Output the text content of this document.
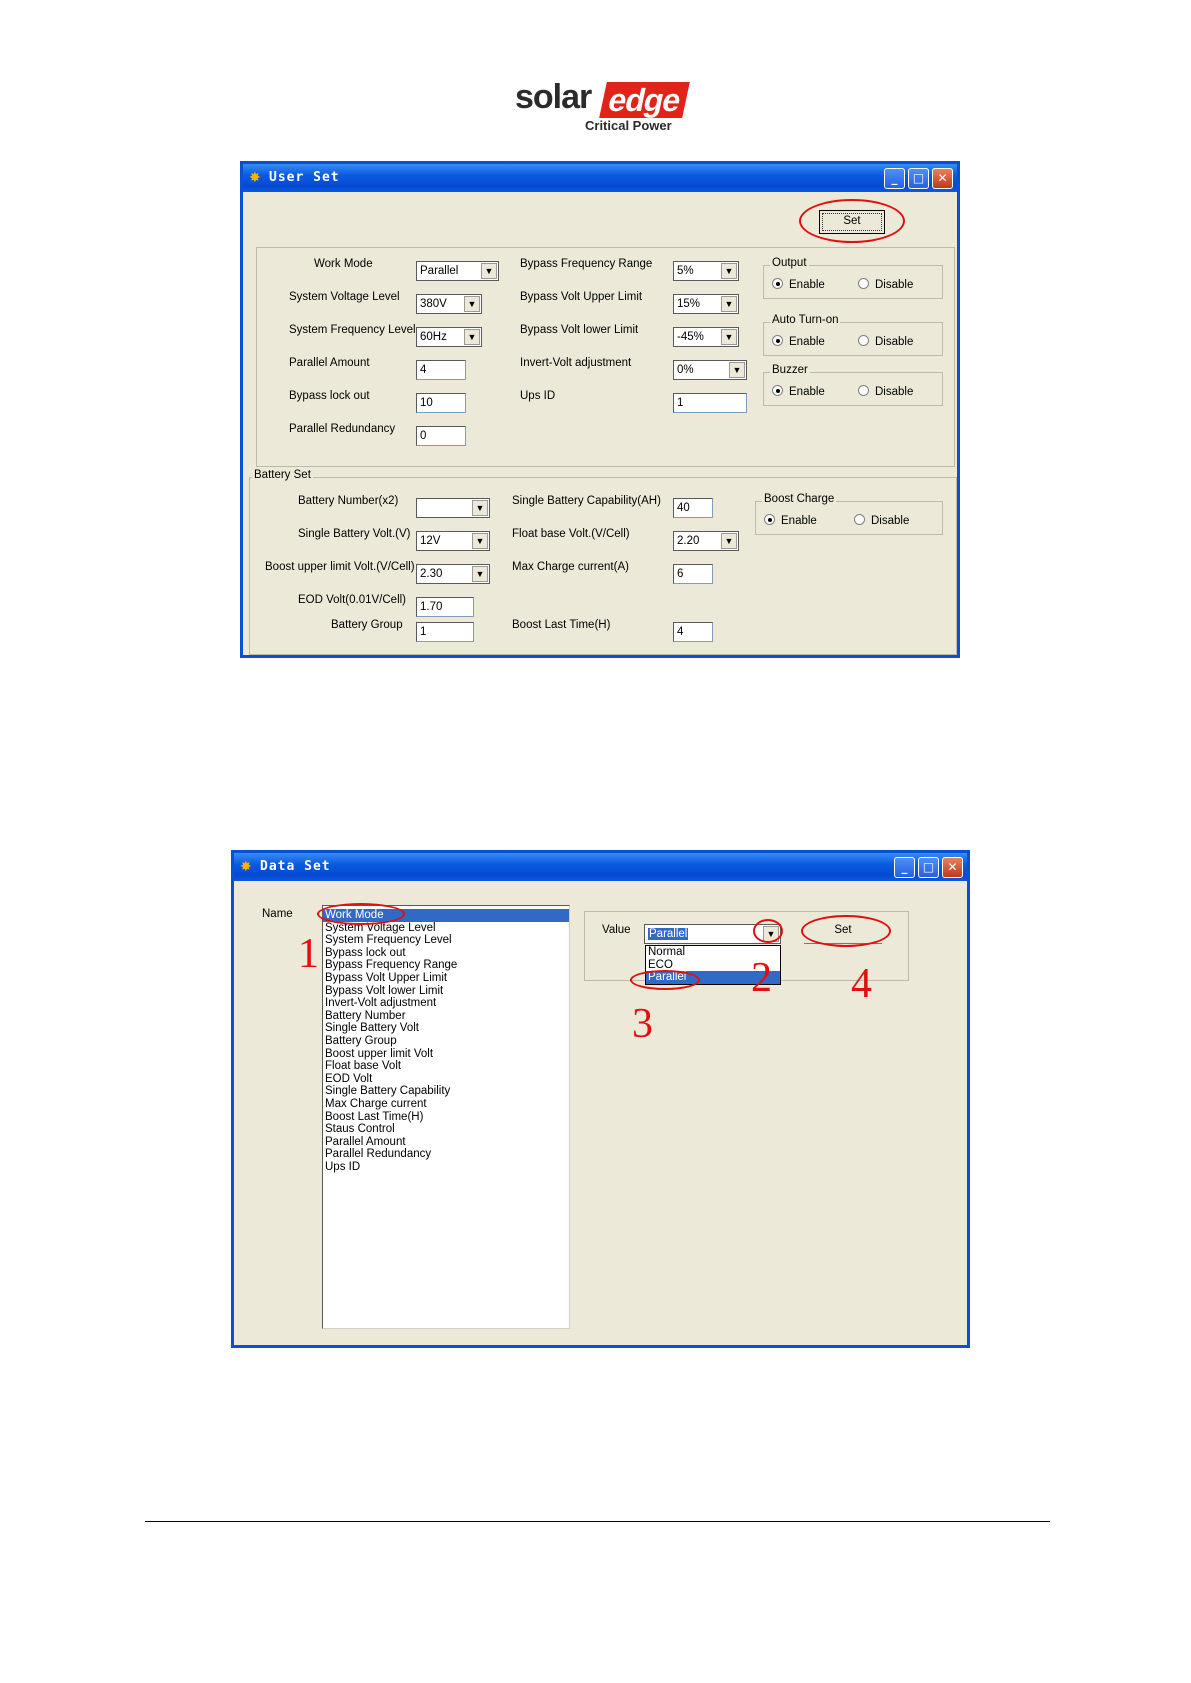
solar edge
Critical Power
✸ User Set	_	□	✕
Set
Work Mode
Parallel	▼
System Voltage Level
380V	▼
System Frequency Level
60Hz	▼
Parallel Amount
4
Bypass lock out
10
Parallel Redundancy
0
Bypass Frequency Range
5%	▼
Bypass Volt Upper Limit
15%	▼
Bypass Volt lower Limit
-45%	▼
Invert-Volt adjustment
0%	▼
Ups ID
1
Output
Enable	Disable
Auto Turn-on
Enable	Disable
Buzzer
Enable	Disable
Battery Set
Battery Number(x2)
▼
Single Battery Volt.(V)
12V	▼
Boost upper limit Volt.(V/Cell)
2.30	▼
EOD Volt(0.01V/Cell)
1.70
Battery Group
1
Single Battery Capability(AH)
40
Float base Volt.(V/Cell)
2.20	▼
Max Charge current(A)
6
Boost Last Time(H)
4
Boost Charge
Enable	Disable
✸ Data Set	_	□	✕
Name	Work Mode
System Voltage Level
System Frequency Level
Bypass lock out
Bypass Frequency Range
Bypass Volt Upper Limit
Bypass Volt lower Limit
Invert-Volt adjustment
Battery Number
Single Battery Volt
Battery Group
Boost upper limit Volt
Float base Volt
EOD Volt
Single Battery Capability
Max Charge current
Boost Last Time(H)
Staus Control
Parallel Amount
Parallel Redundancy
Ups ID
Value	Parallel	▼
Normal
ECO
Parallel
Set
1
2
3
4
